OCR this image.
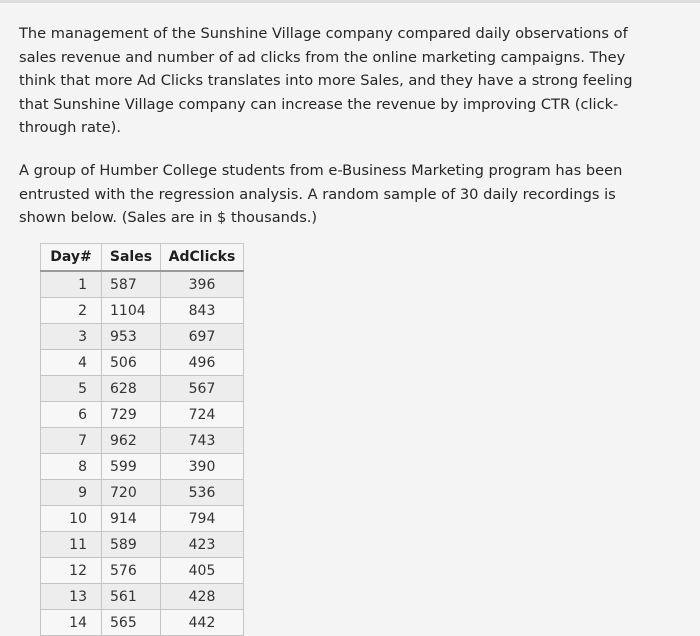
The management of the Sunshine Village company compared daily observations of sales revenue and number of ad clicks from the online marketing campaigns. They think that more Ad Clicks translates into more Sales, and they have a strong feeling that Sunshine Village company can increase the revenue by improving CTR (click-through rate).

A group of Humber College students from e-Business Marketing program has been entrusted with the regression analysis. A random sample of 30 daily recordings is shown below. (Sales are in $ thousands.)

Day#	Sales	AdClicks
1	587	396
2	1104	843
3	953	697
4	506	496
5	628	567
6	729	724
7	962	743
8	599	390
9	720	536
10	914	794
11	589	423
12	576	405
13	561	428
14	565	442
